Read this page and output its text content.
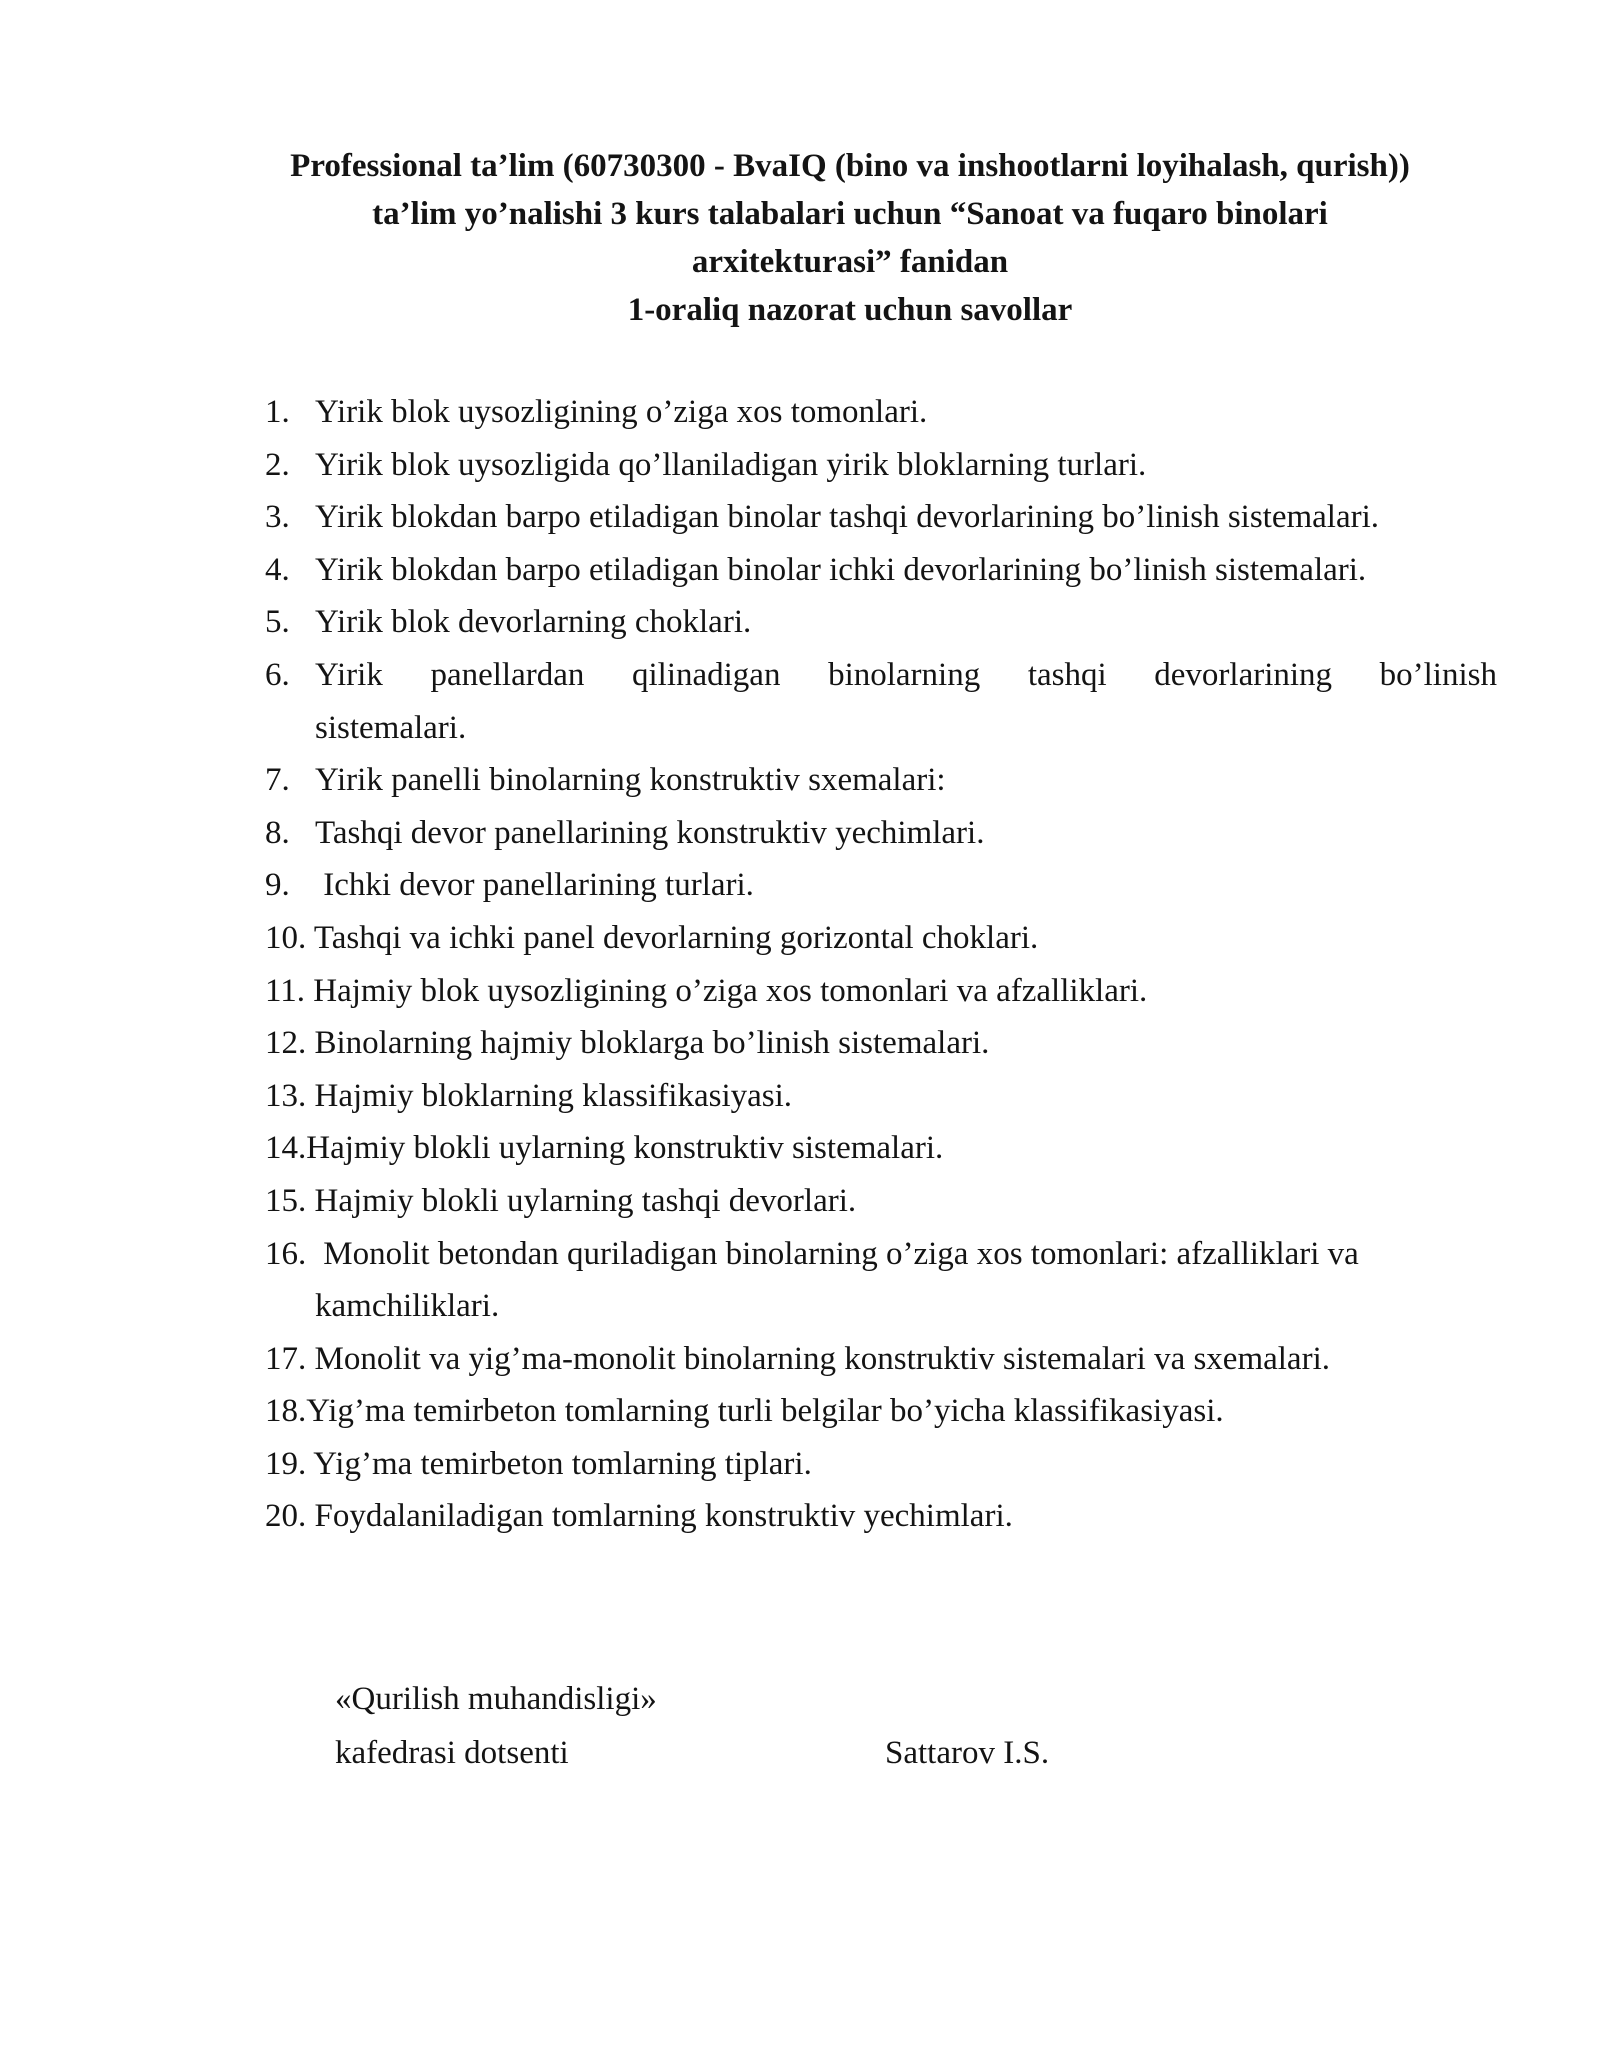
Professional ta’lim (60730300 - BvaIQ (bino va inshootlarni loyihalash, qurish))
ta’lim yo’nalishi 3 kurs talabalari uchun “Sanoat va fuqaro binolari
arxitekturasi” fanidan
1-oraliq nazorat uchun savollar
1. Yirik blok uysozligining o’ziga xos tomonlari.
2. Yirik blok uysozligida qo’llaniladigan yirik bloklarning turlari.
3. Yirik blokdan barpo etiladigan binolar tashqi devorlarining bo’linish sistemalari.
4. Yirik blokdan barpo etiladigan binolar ichki devorlarining bo’linish sistemalari.
5. Yirik blok devorlarning choklari.
6. Yirik panellardan qilinadigan binolarning tashqi devorlarining bo’linish
sistemalari.
7. Yirik panelli binolarning konstruktiv sxemalari:
8. Tashqi devor panellarining konstruktiv yechimlari.
9. Ichki devor panellarining turlari.
10. Tashqi va ichki panel devorlarning gorizontal choklari.
11. Hajmiy blok uysozligining o’ziga xos tomonlari va afzalliklari.
12. Binolarning hajmiy bloklarga bo’linish sistemalari.
13. Hajmiy bloklarning klassifikasiyasi.
14.Hajmiy blokli uylarning konstruktiv sistemalari.
15. Hajmiy blokli uylarning tashqi devorlari.
16. Monolit betondan quriladigan binolarning o’ziga xos tomonlari: afzalliklari va
kamchiliklari.
17. Monolit va yig’ma-monolit binolarning konstruktiv sistemalari va sxemalari.
18.Yig’ma temirbeton tomlarning turli belgilar bo’yicha klassifikasiyasi.
19. Yig’ma temirbeton tomlarning tiplari.
20. Foydalaniladigan tomlarning konstruktiv yechimlari.
«Qurilish muhandisligi»
kafedrasi dotsenti	Sattarov I.S.
